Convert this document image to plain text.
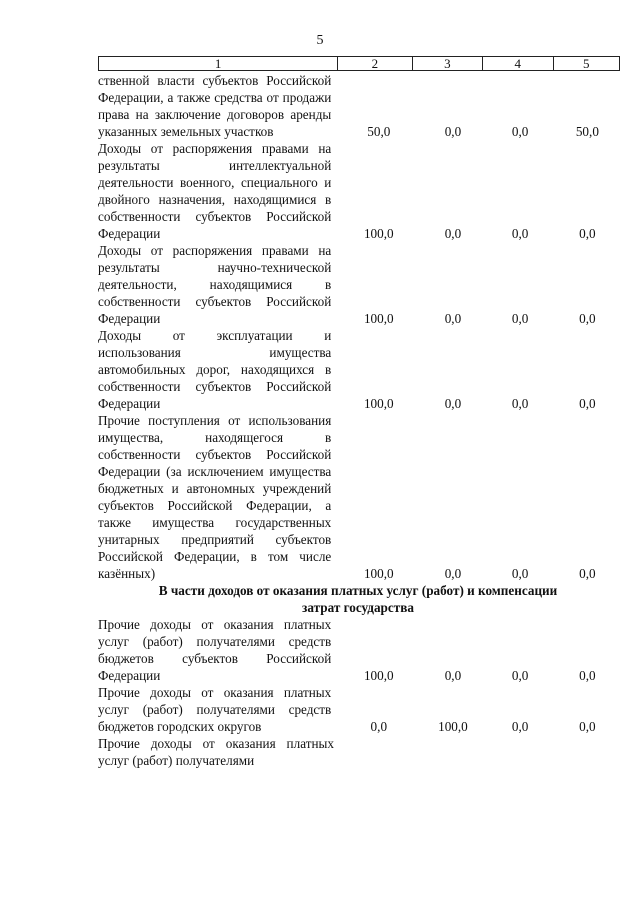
5
1	2	3	4	5
ственной власти субъектов Российской Федерации, а также средства от продажи права на заключение договоров аренды указанных земельных участков	50,0	0,0	0,0	50,0
Доходы от распоряжения правами на результаты интеллектуальной деятельности военного, специального и двойного назначения, находящимися в собственности субъектов Российской Федерации	100,0	0,0	0,0	0,0
Доходы от распоряжения правами на результаты научно-технической деятельности, находящимися в собственности субъектов Российской Федерации	100,0	0,0	0,0	0,0
Доходы от эксплуатации и использования имущества автомобильных дорог, находящихся в собственности субъектов Российской Федерации	100,0	0,0	0,0	0,0
Прочие поступления от использования имущества, находящегося в собственности субъектов Российской Федерации (за исключением имущества бюджетных и автономных учреждений субъектов Российской Федерации, а также имущества государственных унитарных предприятий субъектов Российской Федерации, в том числе казённых)	100,0	0,0	0,0	0,0
В части доходов от оказания платных услуг (работ) и компенсации затрат государства
Прочие доходы от оказания платных услуг (работ) получателями средств бюджетов субъектов Российской Федерации	100,0	0,0	0,0	0,0
Прочие доходы от оказания платных услуг (работ) получателями средств бюджетов городских округов	0,0	100,0	0,0	0,0
Прочие доходы от оказания платных услуг (работ) получателями
